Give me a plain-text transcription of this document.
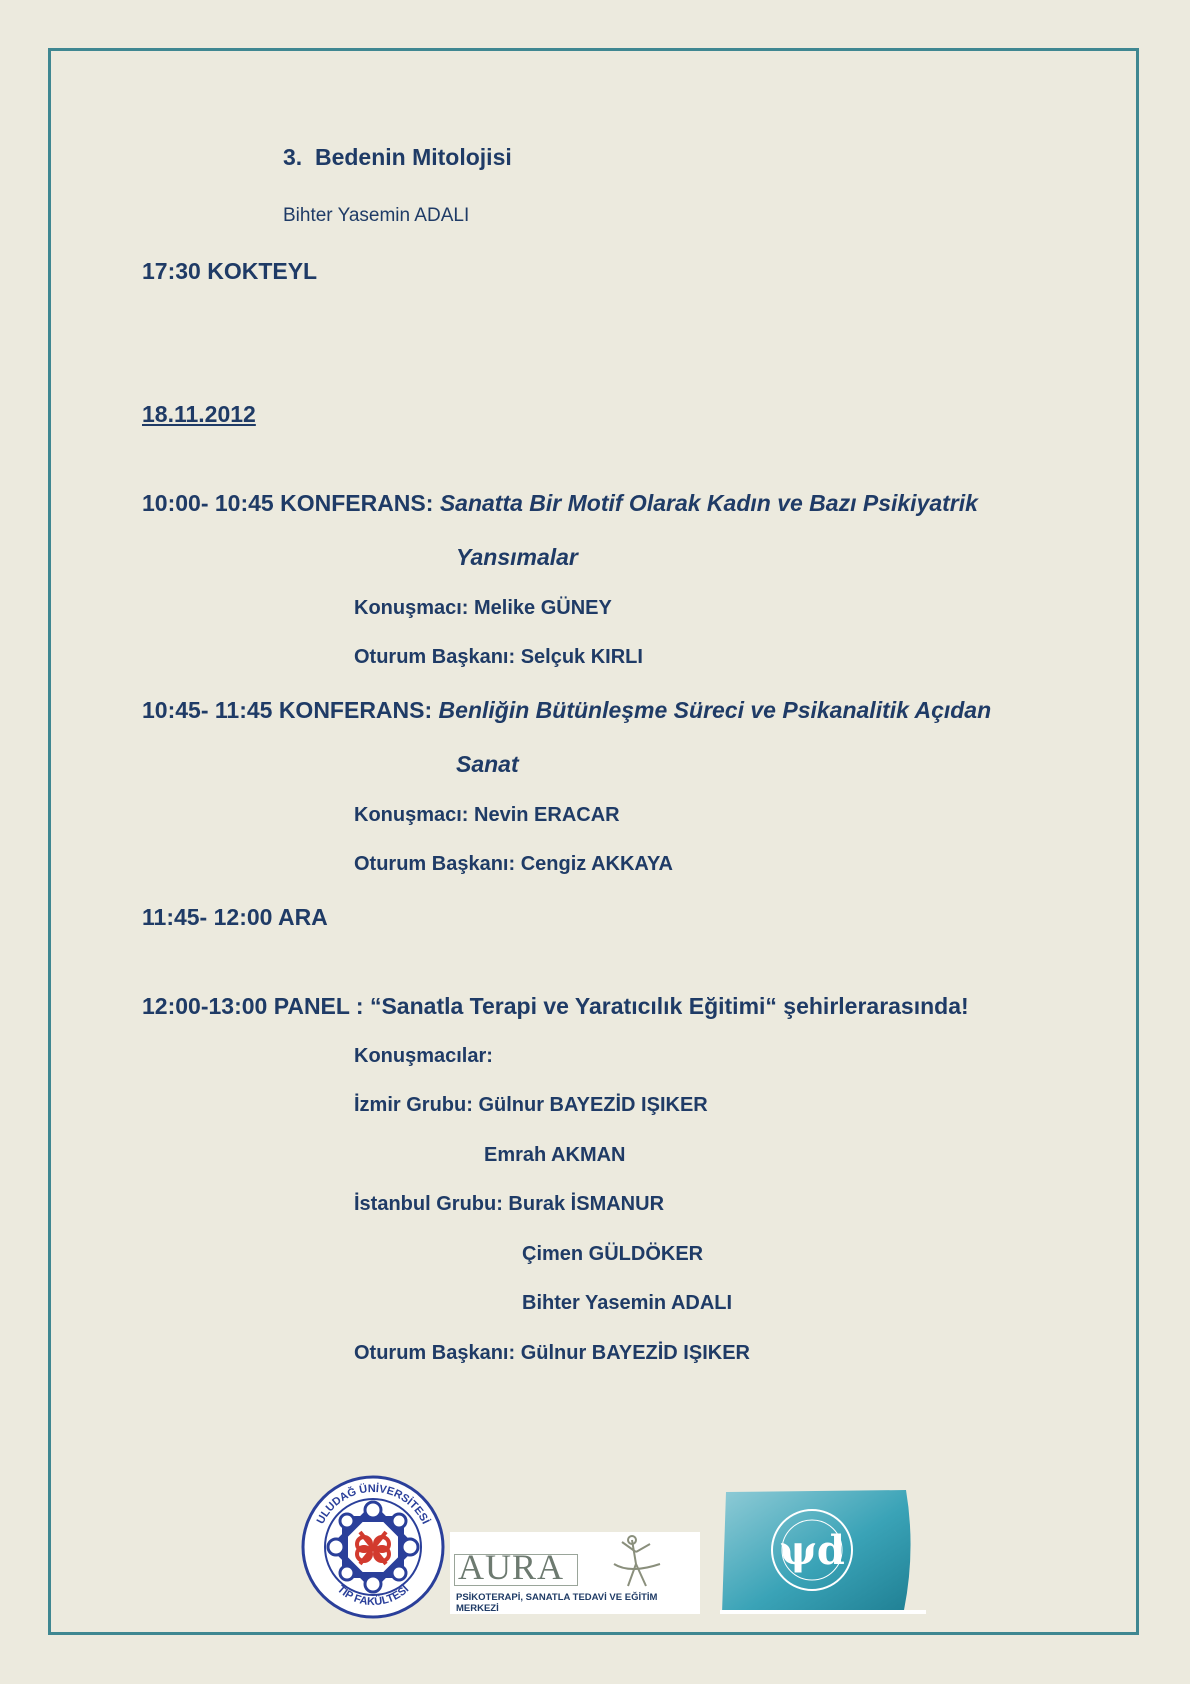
3. Bedenin Mitolojisi
Bihter Yasemin ADALI
17:30 KOKTEYL
18.11.2012
10:00- 10:45 KONFERANS: Sanatta Bir Motif Olarak Kadın ve Bazı Psikiyatrik
Yansımalar
Konuşmacı: Melike GÜNEY
Oturum Başkanı: Selçuk KIRLI
10:45- 11:45 KONFERANS: Benliğin Bütünleşme Süreci ve Psikanalitik Açıdan
Sanat
Konuşmacı: Nevin ERACAR
Oturum Başkanı: Cengiz AKKAYA
11:45- 12:00 ARA
12:00-13:00 PANEL : “Sanatla Terapi ve Yaratıcılık Eğitimi“ şehirlerarasında!
Konuşmacılar:
İzmir Grubu: Gülnur BAYEZİD IŞIKER
Emrah AKMAN
İstanbul Grubu: Burak İSMANUR
Çimen GÜLDÖKER
Bihter Yasemin ADALI
Oturum Başkanı: Gülnur BAYEZİD IŞIKER
ULUDAĞ ÜNİVERSİTESİ
TIP FAKÜLTESİ
AURA
PSİKOTERAPİ, SANATLA TEDAVİ VE EĞİTİM MERKEZİ
ψd
